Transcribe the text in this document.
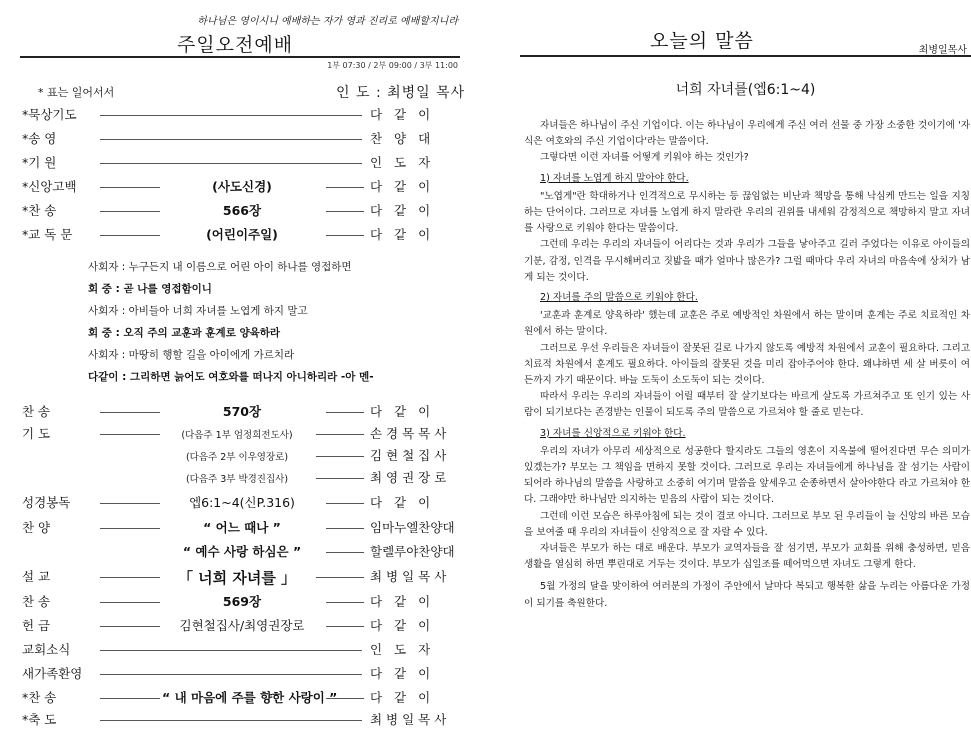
하나님은 영이시니 예배하는 자가 영과 진리로 예배할지니라
주일오전예배
1부 07:30 / 2부 09:00 / 3부 11:00
* 표는 일어서서	인 도 : 최병일 목사
*묵상기도	다 같 이
*송 영	찬 양 대
*기 원	인 도 자
*신앙고백	(사도신경)	다 같 이
*찬 송	566장	다 같 이
*교 독 문	(어린이주일)	다 같 이
사회자 : 누구든지 내 이름으로 어린 아이 하나를 영접하면
회 중 : 곧 나를 영접함이니
사회자 : 아비들아 너희 자녀를 노엽게 하지 말고
회 중 : 오직 주의 교훈과 훈계로 양육하라
사회자 : 마땅히 행할 길을 아이에게 가르치라
다같이 : 그리하면 늙어도 여호와를 떠나지 아니하리라 -아 멘-
찬 송	570장	다 같 이
기 도	(다음주 1부 엄정희전도사)	손 경 목 목 사
(다음주 2부 이우영장로)	김 현 철 집 사
(다음주 3부 박경진집사)	최 영 권 장 로
성경봉독	엡6:1~4(신P.316)	다 같 이
찬 양	“ 어느 때나 ”	임마누엘찬양대
“ 예수 사랑 하심은 ”	할렐루야찬양대
설 교	「 너희 자녀를 」	최 병 일 목 사
찬 송	569장	다 같 이
헌 금	김현철집사/최영권장로	다 같 이
교회소식	인 도 자
새가족환영	다 같 이
*찬 송	“ 내 마음에 주를 향한 사랑이 ”	다 같 이
*축 도	최 병 일 목 사
오늘의 말씀	최병일목사
너희 자녀를(엡6:1~4)

자녀들은 하나님이 주신 기업이다. 이는 하나님이 우리에게 주신 여러 선물 중 가장 소중한 것이기에 '자식은 여호와의 주신 기업이다'라는 말씀이다.

그렇다면 이런 자녀를 어떻게 키워야 하는 것인가?

1) 자녀를 노엽게 하지 말아야 한다.

"노엽게"란 학대하거나 인격적으로 무시하는 등 끊임없는 비난과 책망을 통해 낙심케 만드는 일을 지칭하는 단어이다. 그러므로 자녀를 노엽게 하지 말라란 우리의 권위를 내세워 감정적으로 책망하지 말고 자녀를 사랑으로 키워야 한다는 말씀이다.

그런데 우리는 우리의 자녀들이 어리다는 것과 우리가 그들을 낳아주고 길러 주었다는 이유로 아이들의 기분, 감정, 인격을 무시해버리고 짓밟을 때가 얼마나 많은가? 그럴 때마다 우리 자녀의 마음속에 상처가 남게 되는 것이다.

2) 자녀를 주의 말씀으로 키워야 한다.

'교훈과 훈계로 양육하라' 했는데 교훈은 주로 예방적인 차원에서 하는 말이며 훈계는 주로 치료적인 차원에서 하는 말이다.

그러므로 우선 우리들은 자녀들이 잘못된 길로 나가지 않도록 예방적 차원에서 교훈이 필요하다. 그리고 치료적 차원에서 훈계도 필요하다. 아이들의 잘못된 것을 미리 잡아주어야 한다. 왜냐하면 세 살 버릇이 여든까지 가기 때문이다. 바늘 도둑이 소도둑이 되는 것이다.

따라서 우리는 우리의 자녀들이 어릴 때부터 잘 살기보다는 바르게 살도록 가르쳐주고 또 인기 있는 사람이 되기보다는 존경받는 인물이 되도록 주의 말씀으로 가르쳐야 할 줄로 믿는다.

3) 자녀를 신앙적으로 키워야 한다.

우리의 자녀가 아무리 세상적으로 성공한다 할지라도 그들의 영혼이 지옥불에 떨어진다면 무슨 의미가 있겠는가? 부모는 그 책임을 면하지 못할 것이다. 그러므로 우리는 자녀들에게 하나님을 잘 섬기는 사람이 되어라 하나님의 말씀을 사랑하고 소중히 여기며 말씀을 앞세우고 순종하면서 살아야한다 라고 가르쳐야 한다. 그래야만 하나님만 의지하는 믿음의 사람이 되는 것이다.

그런데 이런 모습은 하루아침에 되는 것이 결코 아니다. 그러므로 부모 된 우리들이 늘 신앙의 바른 모습을 보여줄 때 우리의 자녀들이 신앙적으로 잘 자랄 수 있다.

자녀들은 부모가 하는 대로 배운다. 부모가 교역자들을 잘 섬기면, 부모가 교회를 위해 충성하면, 믿음 생활을 열심히 하면 뿌린대로 거두는 것이다. 부모가 십일조를 떼어먹으면 자녀도 그렇게 한다.

5월 가정의 달을 맞이하여 여러분의 가정이 주안에서 날마다 복되고 행복한 삶을 누리는 아름다운 가정이 되기를 축원한다.
